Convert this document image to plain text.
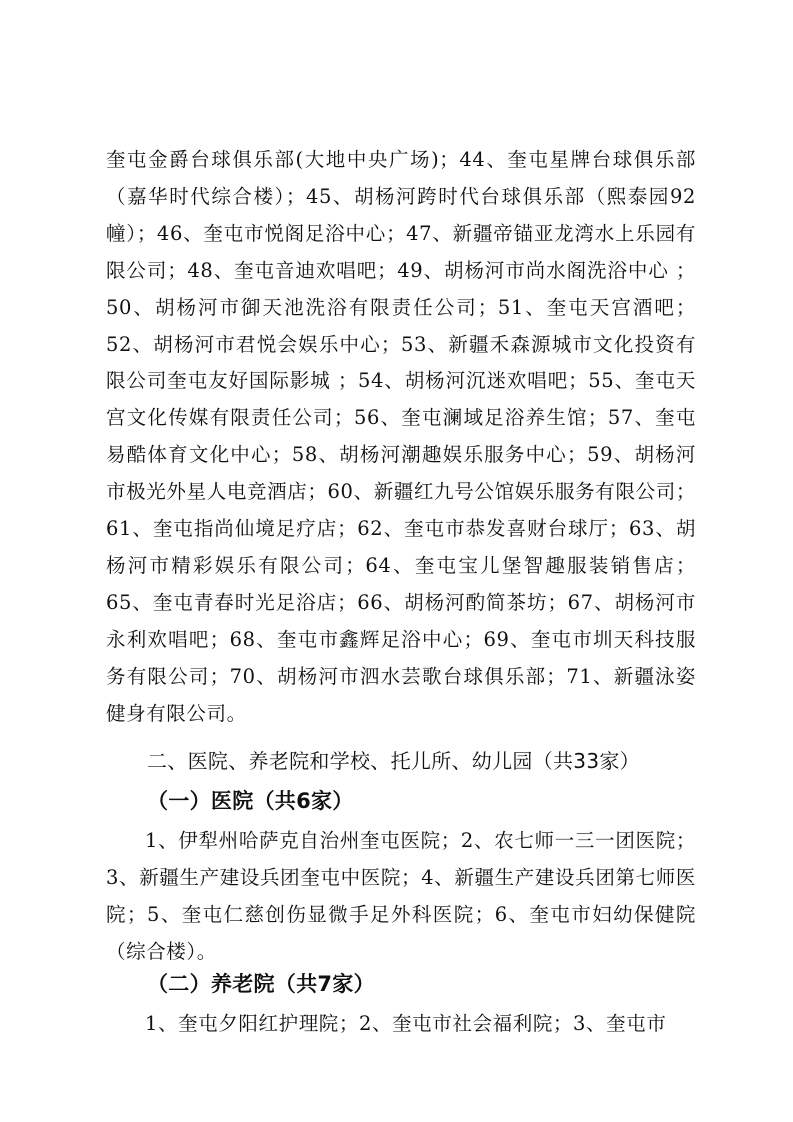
奎屯金爵台球俱乐部(大地中央广场)；44、奎屯星牌台球俱乐部（嘉华时代综合楼）；45、胡杨河跨时代台球俱乐部（熙泰园92幢）；46、奎屯市悦阁足浴中心；47、新疆帝锚亚龙湾水上乐园有限公司；48、奎屯音迪欢唱吧；49、胡杨河市尚水阁洗浴中心 ；50、胡杨河市御天池洗浴有限责任公司；51、奎屯天宫酒吧；52、胡杨河市君悦会娱乐中心；53、新疆禾森源城市文化投资有限公司奎屯友好国际影城 ；54、胡杨河沉迷欢唱吧；55、奎屯天宫文化传媒有限责任公司；56、奎屯澜域足浴养生馆；57、奎屯易酷体育文化中心；58、胡杨河潮趣娱乐服务中心；59、胡杨河市极光外星人电竞酒店；60、新疆红九号公馆娱乐服务有限公司；61、奎屯指尚仙境足疗店；62、奎屯市恭发喜财台球厅；63、胡杨河市精彩娱乐有限公司；64、奎屯宝儿堡智趣服装销售店；65、奎屯青春时光足浴店；66、胡杨河酌简茶坊；67、胡杨河市永利欢唱吧；68、奎屯市鑫辉足浴中心；69、奎屯市圳天科技服务有限公司；70、胡杨河市泗水芸歌台球俱乐部；71、新疆泳姿健身有限公司。

二、医院、养老院和学校、托儿所、幼儿园（共33家）
（一）医院（共6家）

1、伊犁州哈萨克自治州奎屯医院；2、农七师一三一团医院；3、新疆生产建设兵团奎屯中医院；4、新疆生产建设兵团第七师医院；5、奎屯仁慈创伤显微手足外科医院；6、奎屯市妇幼保健院（综合楼）。

（二）养老院（共7家）

1、奎屯夕阳红护理院；2、奎屯市社会福利院；3、奎屯市
